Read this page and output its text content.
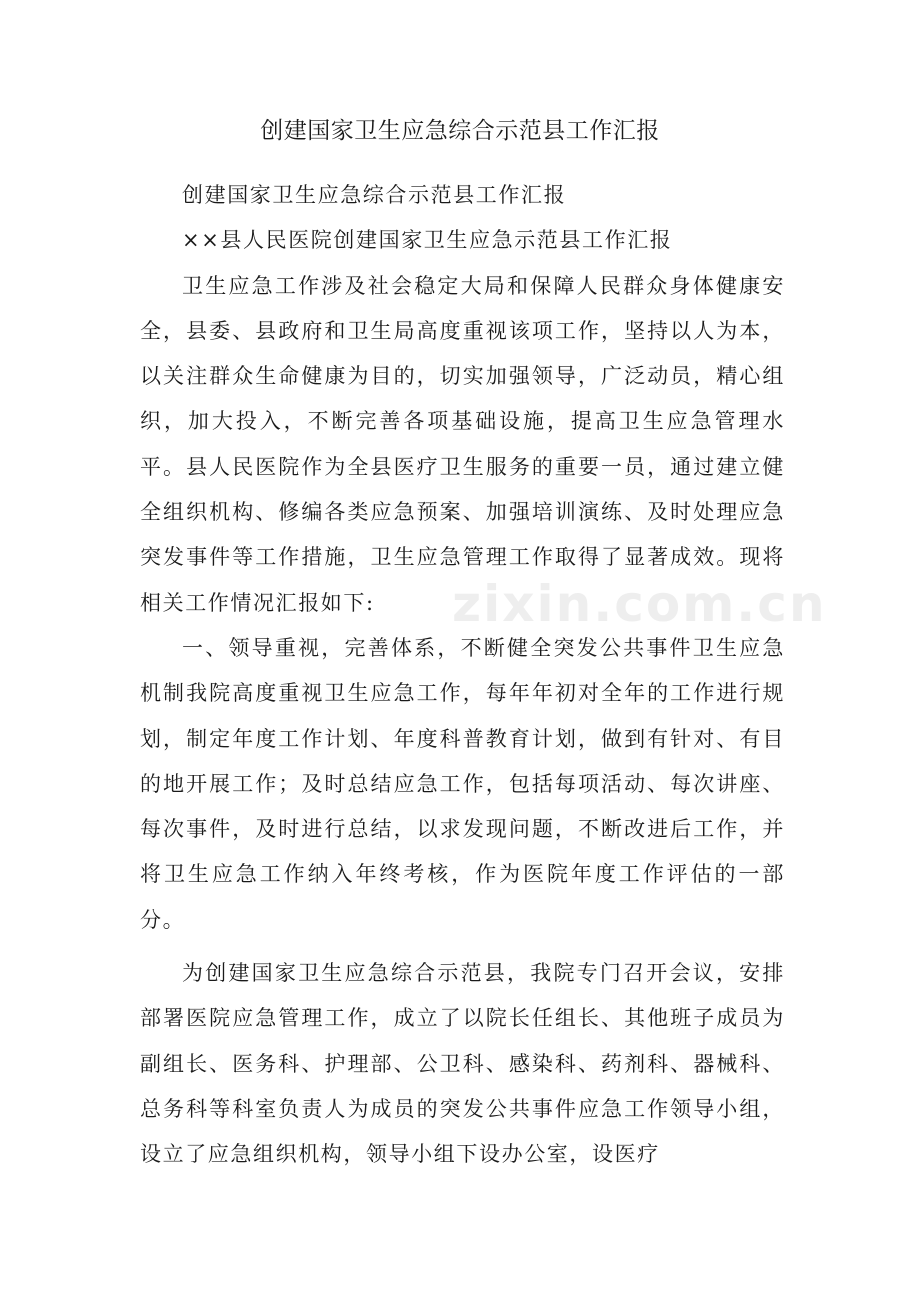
创建国家卫生应急综合示范县工作汇报

创建国家卫生应急综合示范县工作汇报

××县人民医院创建国家卫生应急示范县工作汇报

卫生应急工作涉及社会稳定大局和保障人民群众身体健康安全，县委、县政府和卫生局高度重视该项工作，坚持以人为本，以关注群众生命健康为目的，切实加强领导，广泛动员，精心组织，加大投入，不断完善各项基础设施，提高卫生应急管理水平。县人民医院作为全县医疗卫生服务的重要一员，通过建立健全组织机构、修编各类应急预案、加强培训演练、及时处理应急突发事件等工作措施，卫生应急管理工作取得了显著成效。现将相关工作情况汇报如下:

一、领导重视，完善体系，不断健全突发公共事件卫生应急机制我院高度重视卫生应急工作，每年年初对全年的工作进行规划，制定年度工作计划、年度科普教育计划，做到有针对、有目的地开展工作；及时总结应急工作，包括每项活动、每次讲座、每次事件，及时进行总结，以求发现问题，不断改进后工作，并将卫生应急工作纳入年终考核，作为医院年度工作评估的一部分。

为创建国家卫生应急综合示范县，我院专门召开会议，安排部署医院应急管理工作，成立了以院长任组长、其他班子成员为副组长、医务科、护理部、公卫科、感染科、药剂科、器械科、总务科等科室负责人为成员的突发公共事件应急工作领导小组，设立了应急组织机构，领导小组下设办公室，设医疗

zixin.com.cn
